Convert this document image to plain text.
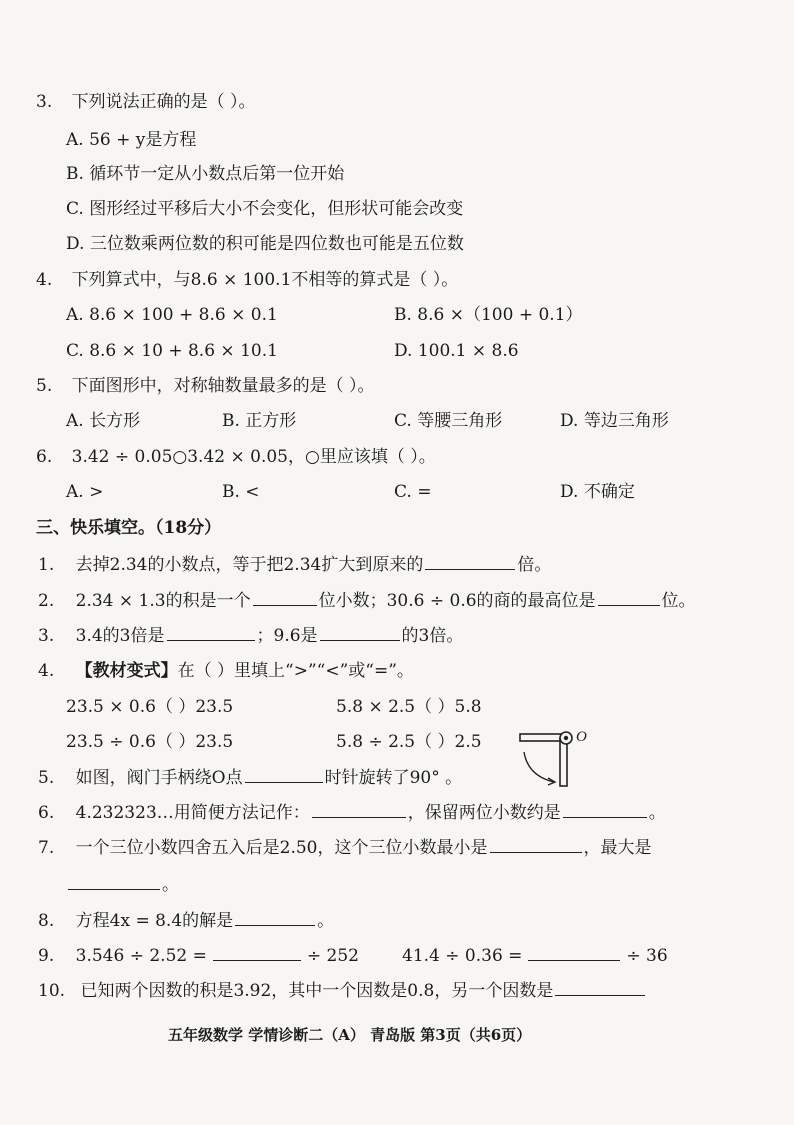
3. 下列说法正确的是（ ）。
A. 56 + y是方程
B. 循环节一定从小数点后第一位开始
C. 图形经过平移后大小不会变化，但形状可能会改变
D. 三位数乘两位数的积可能是四位数也可能是五位数
4. 下列算式中，与8.6 × 100.1不相等的算式是（ ）。
A. 8.6 × 100 + 8.6 × 0.1	B. 8.6 ×（100 + 0.1）
C. 8.6 × 10 + 8.6 × 10.1	D. 100.1 × 8.6
5. 下面图形中，对称轴数量最多的是（ ）。
A. 长方形	B. 正方形	C. 等腰三角形	D. 等边三角形
6. 3.42 ÷ 0.05○3.42 × 0.05，○里应该填（ ）。
A. >	B. <	C. =	D. 不确定
三、快乐填空。（18分）
1. 去掉2.34的小数点，等于把2.34扩大到原来的	倍。
2. 2.34 × 1.3的积是一个	位小数；30.6 ÷ 0.6的商的最高位是	位。
3. 3.4的3倍是	；9.6是	的3倍。
4. 【教材变式】在（ ）里填上“>”“<”或“=”。
23.5 × 0.6（ ）23.5	5.8 × 2.5（ ）5.8
23.5 ÷ 0.6（ ）23.5	5.8 ÷ 2.5（ ）2.5	O
5. 如图，阀门手柄绕O点	时针旋转了90° 。
6. 4.232323…用简便方法记作：	，保留两位小数约是	。
7. 一个三位小数四舍五入后是2.50，这个三位小数最小是	，最大是
。
8. 方程4x = 8.4的解是	。
9. 3.546 ÷ 2.52 =	÷ 252	41.4 ÷ 0.36 =	÷ 36
10. 已知两个因数的积是3.92，其中一个因数是0.8，另一个因数是
五年级数学 学情诊断二（A） 青岛版 第3页（共6页）
